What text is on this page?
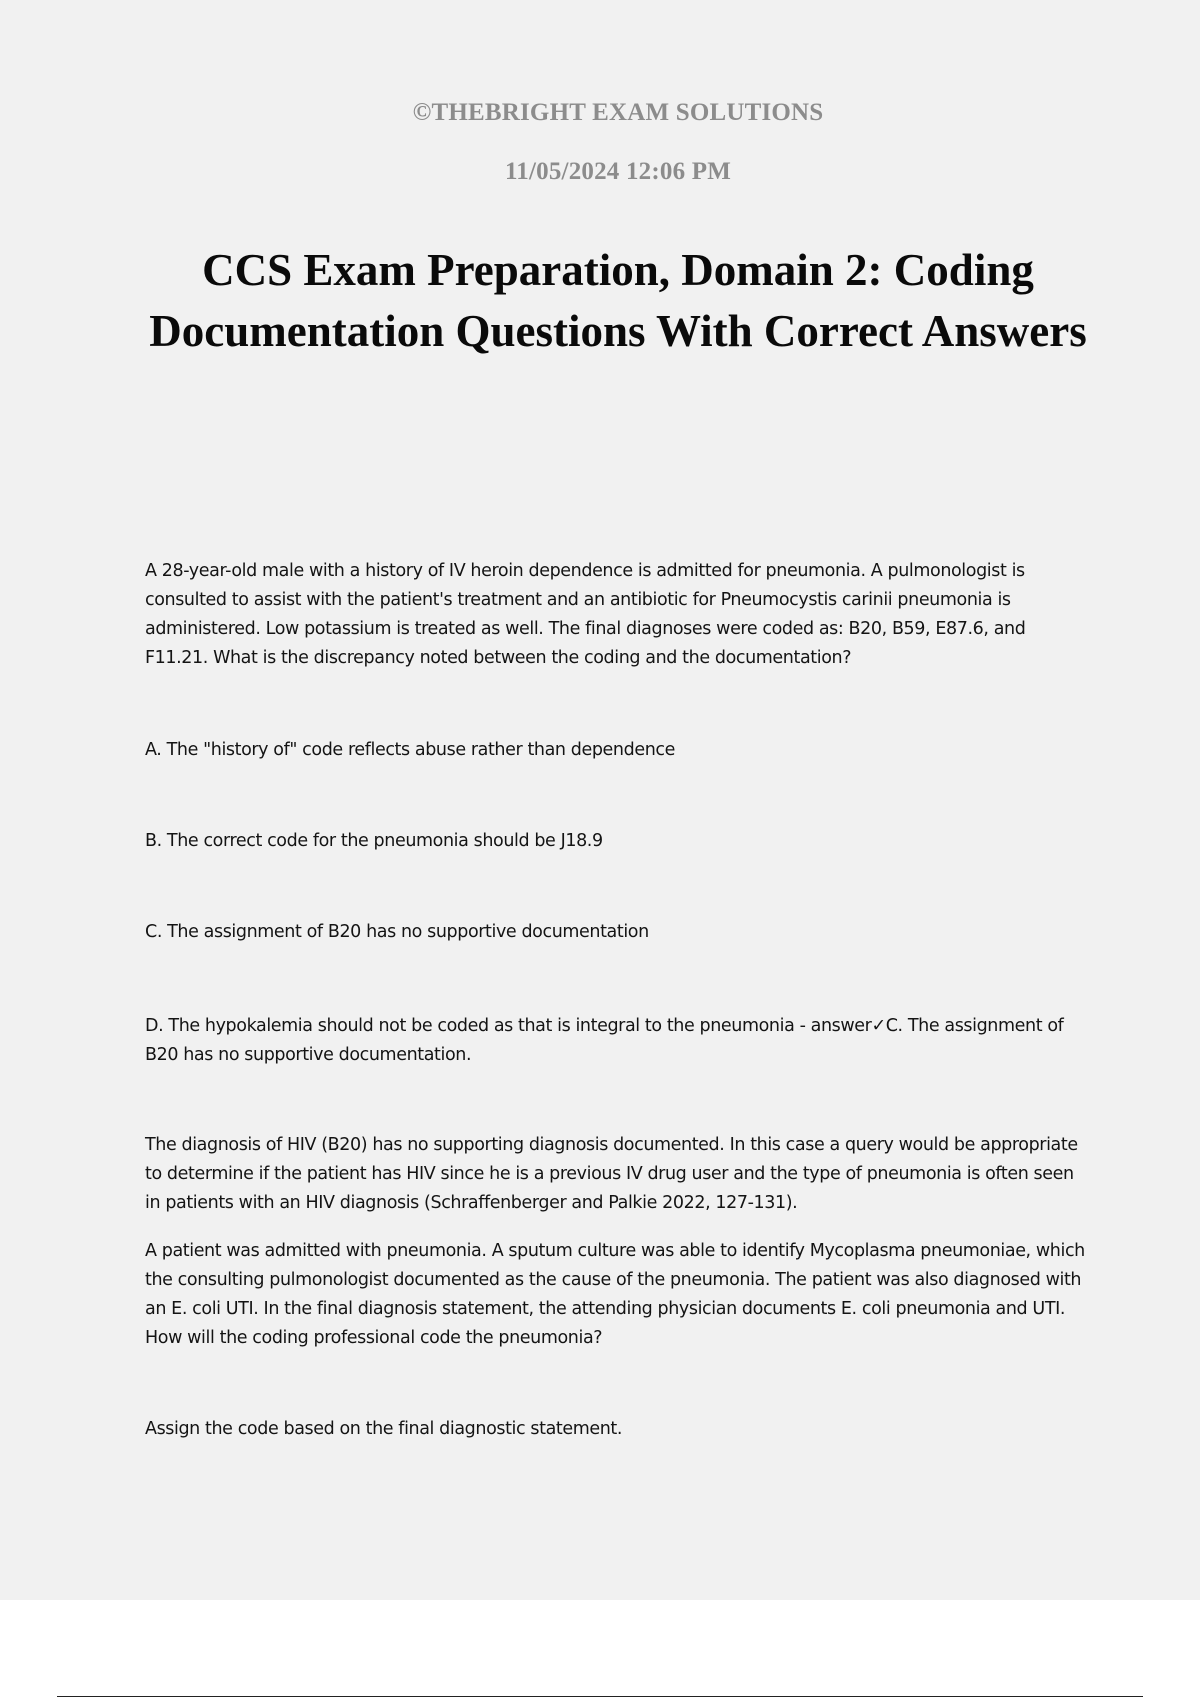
©THEBRIGHT EXAM SOLUTIONS
11/05/2024 12:06 PM
CCS Exam Preparation, Domain 2: Coding Documentation Questions With Correct Answers

A 28-year-old male with a history of IV heroin dependence is admitted for pneumonia. A pulmonologist is consulted to assist with the patient's treatment and an antibiotic for Pneumocystis carinii pneumonia is administered. Low potassium is treated as well. The final diagnoses were coded as: B20, B59, E87.6, and F11.21. What is the discrepancy noted between the coding and the documentation?

A. The "history of" code reflects abuse rather than dependence

B. The correct code for the pneumonia should be J18.9

C. The assignment of B20 has no supportive documentation

D. The hypokalemia should not be coded as that is integral to the pneumonia - answer✓C. The assignment of B20 has no supportive documentation.

The diagnosis of HIV (B20) has no supporting diagnosis documented. In this case a query would be appropriate to determine if the patient has HIV since he is a previous IV drug user and the type of pneumonia is often seen in patients with an HIV diagnosis (Schraffenberger and Palkie 2022, 127-131).

A patient was admitted with pneumonia. A sputum culture was able to identify Mycoplasma pneumoniae, which the consulting pulmonologist documented as the cause of the pneumonia. The patient was also diagnosed with an E. coli UTI. In the final diagnosis statement, the attending physician documents E. coli pneumonia and UTI. How will the coding professional code the pneumonia?

Assign the code based on the final diagnostic statement.
